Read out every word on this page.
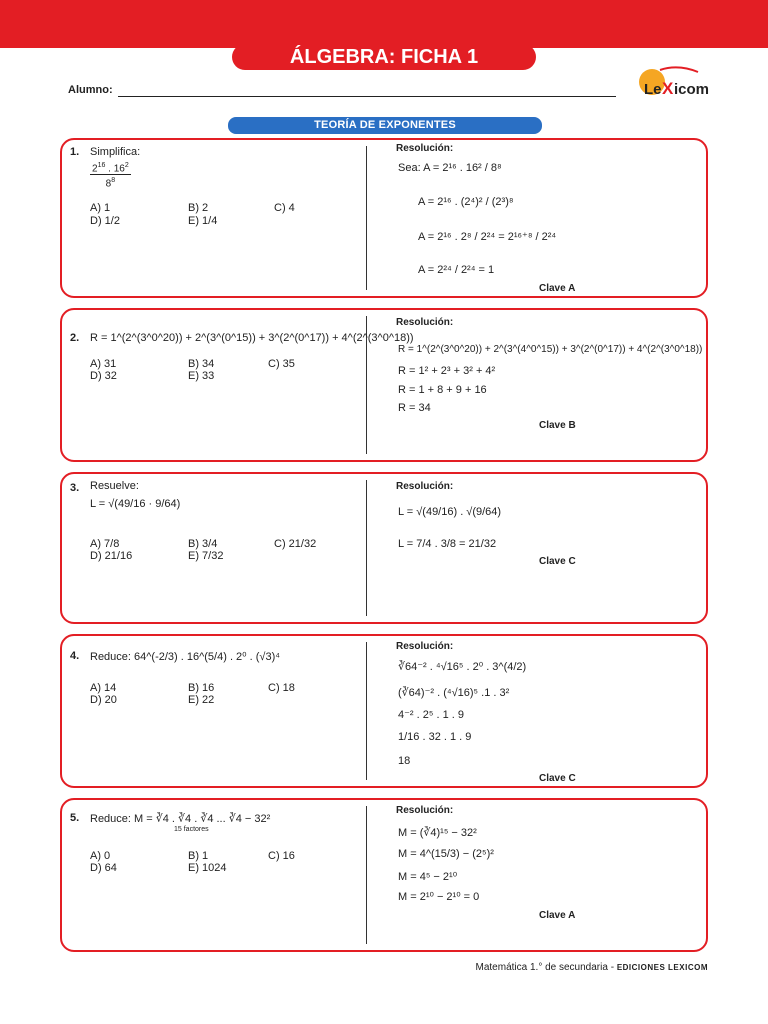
ÁLGEBRA: FICHA 1
Alumno:	Le X icom
TEORÍA DE EXPONENTES
1. Simplifica:
$\frac{2^{16} . 16^2}{8^8}$
A) 1	B) 2	C) 4
D) 1/2	E) 1/4
Resolución:
Sea: A = 2¹⁶ . 16² / 8⁸
A = 2¹⁶ . (2⁴)² / (2³)⁸
A = 2¹⁶ . 2⁸ / 2²⁴ = 2¹⁶⁺⁸ / 2²⁴
A = 2²⁴ / 2²⁴ = 1
Clave A
2. R = 1^(2^(3^0^20)) + 2^(3^(0^15)) + 3^(2^(0^17)) + 4^(2^(3^0^18))
A) 31	B) 34	C) 35
D) 32	E) 33
Resolución:
R = 1^(2^(3^0^20)) + 2^(3^(4^0^15)) + 3^(2^(0^17)) + 4^(2^(3^0^18))
R = 1² + 2³ + 3² + 4²
R = 1 + 8 + 9 + 16
R = 34
Clave B
3. Resuelve:
L = √(49/16 · 9/64)
A) 7/8	B) 3/4	C) 21/32
D) 21/16	E) 7/32
Resolución:
L = √(49/16) . √(9/64)
L = 7/4 . 3/8 = 21/32
Clave C
4. Reduce: 64^(-2/3) . 16^(5/4) . 2⁰ . (√3)⁴
A) 14	B) 16	C) 18
D) 20	E) 22
Resolución:
∛64⁻² . ⁴√16⁵ . 2⁰ . 3^(4/2)
(∛64)⁻² . (⁴√16)⁵ .1 . 3²
4⁻² . 2⁵ . 1 . 9
1/16 . 32 . 1 . 9
18
Clave C
5. Reduce: M = ∛4 . ∛4 . ∛4 ... ∛4 − 32²
15 factores
A) 0	B) 1	C) 16
D) 64	E) 1024
Resolución:
M = (∛4)¹⁵ − 32²
M = 4^(15/3) − (2⁵)²
M = 4⁵ − 2¹⁰
M = 2¹⁰ − 2¹⁰ = 0
Clave A
Matemática 1.° de secundaria - EDICIONES LEXICOM
